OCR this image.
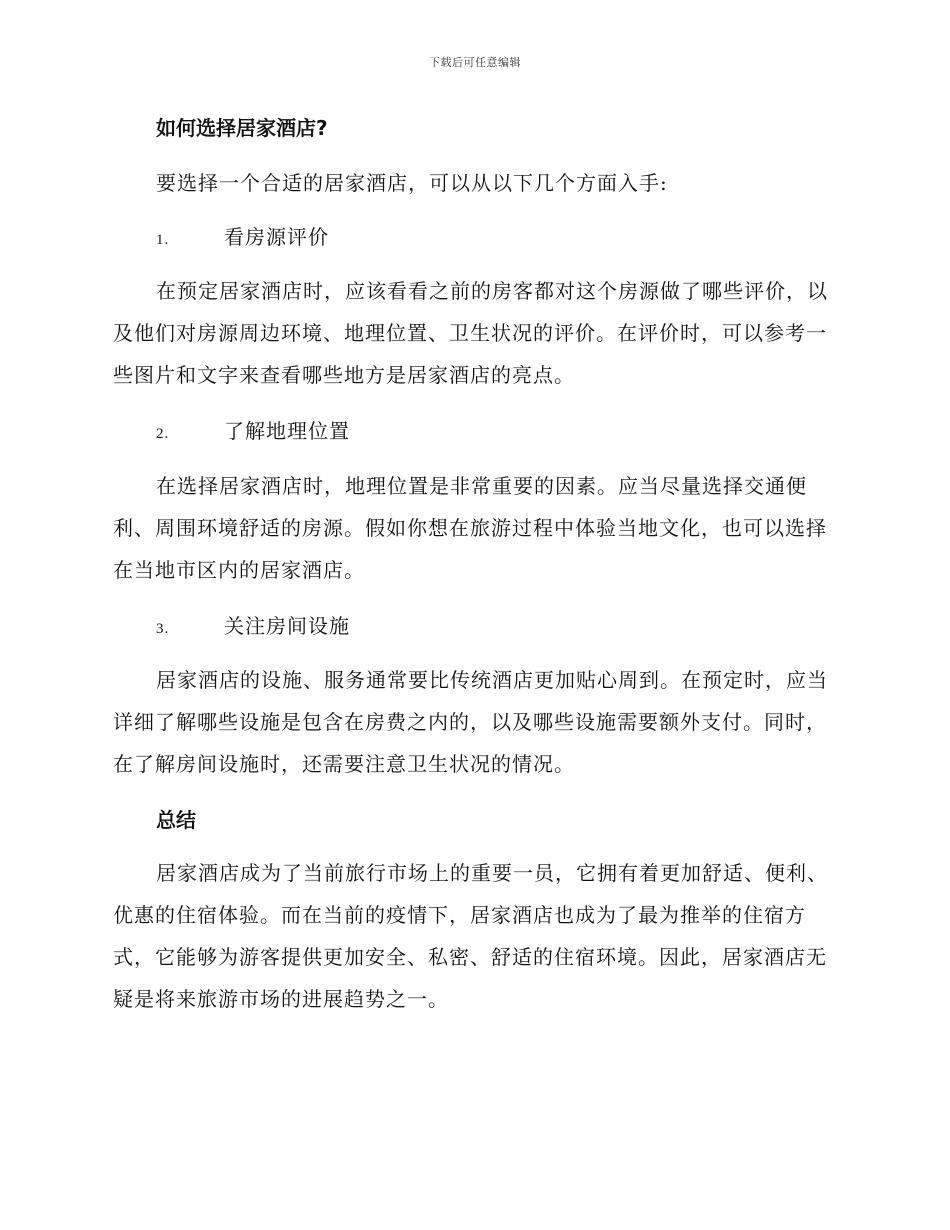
下载后可任意编辑
如何选择居家酒店?

要选择一个合适的居家酒店，可以从以下几个方面入手:

1.	看房源评价

在预定居家酒店时，应该看看之前的房客都对这个房源做了哪些评价，以及他们对房源周边环境、地理位置、卫生状况的评价。在评价时，可以参考一些图片和文字来查看哪些地方是居家酒店的亮点。

2.	了解地理位置

在选择居家酒店时，地理位置是非常重要的因素。应当尽量选择交通便利、周围环境舒适的房源。假如你想在旅游过程中体验当地文化，也可以选择在当地市区内的居家酒店。

3.	关注房间设施

居家酒店的设施、服务通常要比传统酒店更加贴心周到。在预定时，应当详细了解哪些设施是包含在房费之内的，以及哪些设施需要额外支付。同时，在了解房间设施时，还需要注意卫生状况的情况。

总结

居家酒店成为了当前旅行市场上的重要一员，它拥有着更加舒适、便利、优惠的住宿体验。而在当前的疫情下，居家酒店也成为了最为推举的住宿方式，它能够为游客提供更加安全、私密、舒适的住宿环境。因此，居家酒店无疑是将来旅游市场的进展趋势之一。
